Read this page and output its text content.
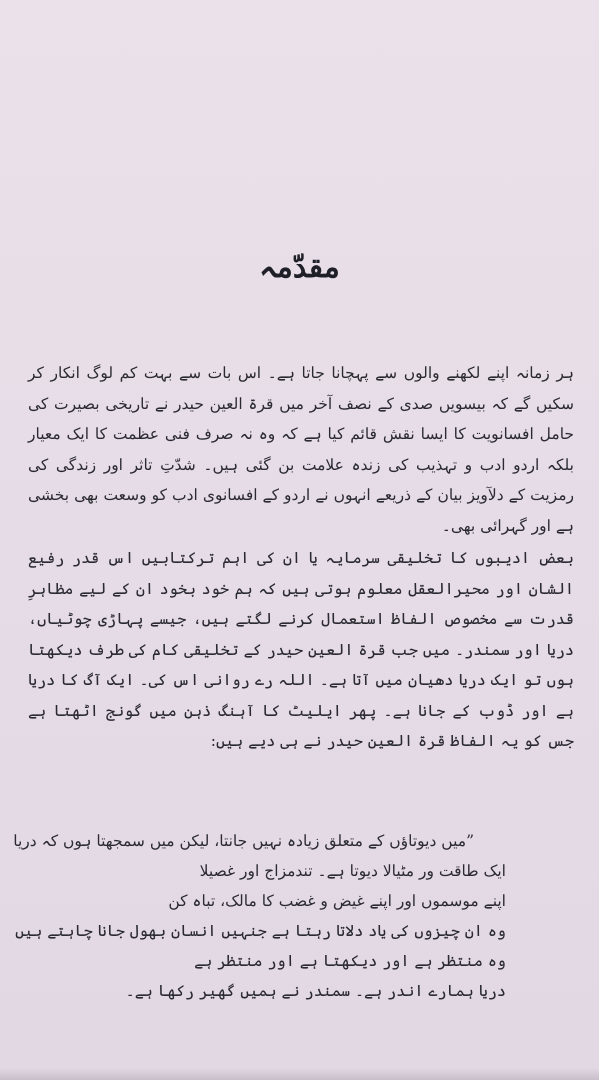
مقدّمہ

ہر زمانہ اپنے لکھنے والوں سے پہچانا جاتا ہے۔ اس بات سے بہت کم لوگ انکار کر سکیں گے کہ بیسویں صدی کے نصف آخر میں قرۃ العین حیدر نے تاریخی بصیرت کی حامل افسانویت کا ایسا نقش قائم کیا ہے کہ وہ نہ صرف فنی عظمت کا ایک معیار بلکہ اردو ادب و تہذیب کی زندہ علامت بن گئی ہیں۔ شدّتِ تاثر اور زندگی کی رمزیت کے دلآویز بیان کے ذریعے انہوں نے اردو کے افسانوی ادب کو وسعت بھی بخشی ہے اور گہرائی بھی۔

بعض ادیبوں کا تخلیقی سرمایہ یا ان کی اہم ترکتابیں اس قدر رفیع الشان اور محیرالعقل معلوم ہوتی ہیں کہ ہم خود بخود ان کے لیے مظاہرِ قدرت سے مخصوص الفاظ استعمال کرنے لگتے ہیں، جیسے پہاڑی چوٹیاں، دریا اور سمندر۔ میں جب قرۃ العین حیدر کے تخلیقی کام کی طرف دیکھتا ہوں تو ایک دریا دھیان میں آتا ہے۔ اللہ رے روانی اس کی۔ ایک آگ کا دریا ہے اور ڈوب کے جانا ہے۔ پھر ایلیٹ کا آہنگ ذہن میں گونج اٹھتا ہے جس کو یہ الفاظ قرۃ العین حیدر نے ہی دیے ہیں:

”میں دیوتاؤں کے متعلق زیادہ نہیں جانتا، لیکن میں سمجھتا ہوں کہ دریا
ایک طاقت ور مٹیالا دیوتا ہے۔ تندمزاج اور غصیلا
اپنے موسموں اور اپنے غیض و غضب کا مالک، تباہ کن
وہ ان چیزوں کی یاد دلاتا رہتا ہے جنہیں انسان بھول جانا چاہتے ہیں
وہ منتظر ہے اور دیکھتا ہے اور منتظر ہے
دریا ہمارے اندر ہے۔ سمندر نے ہمیں گھیر رکھا ہے۔
